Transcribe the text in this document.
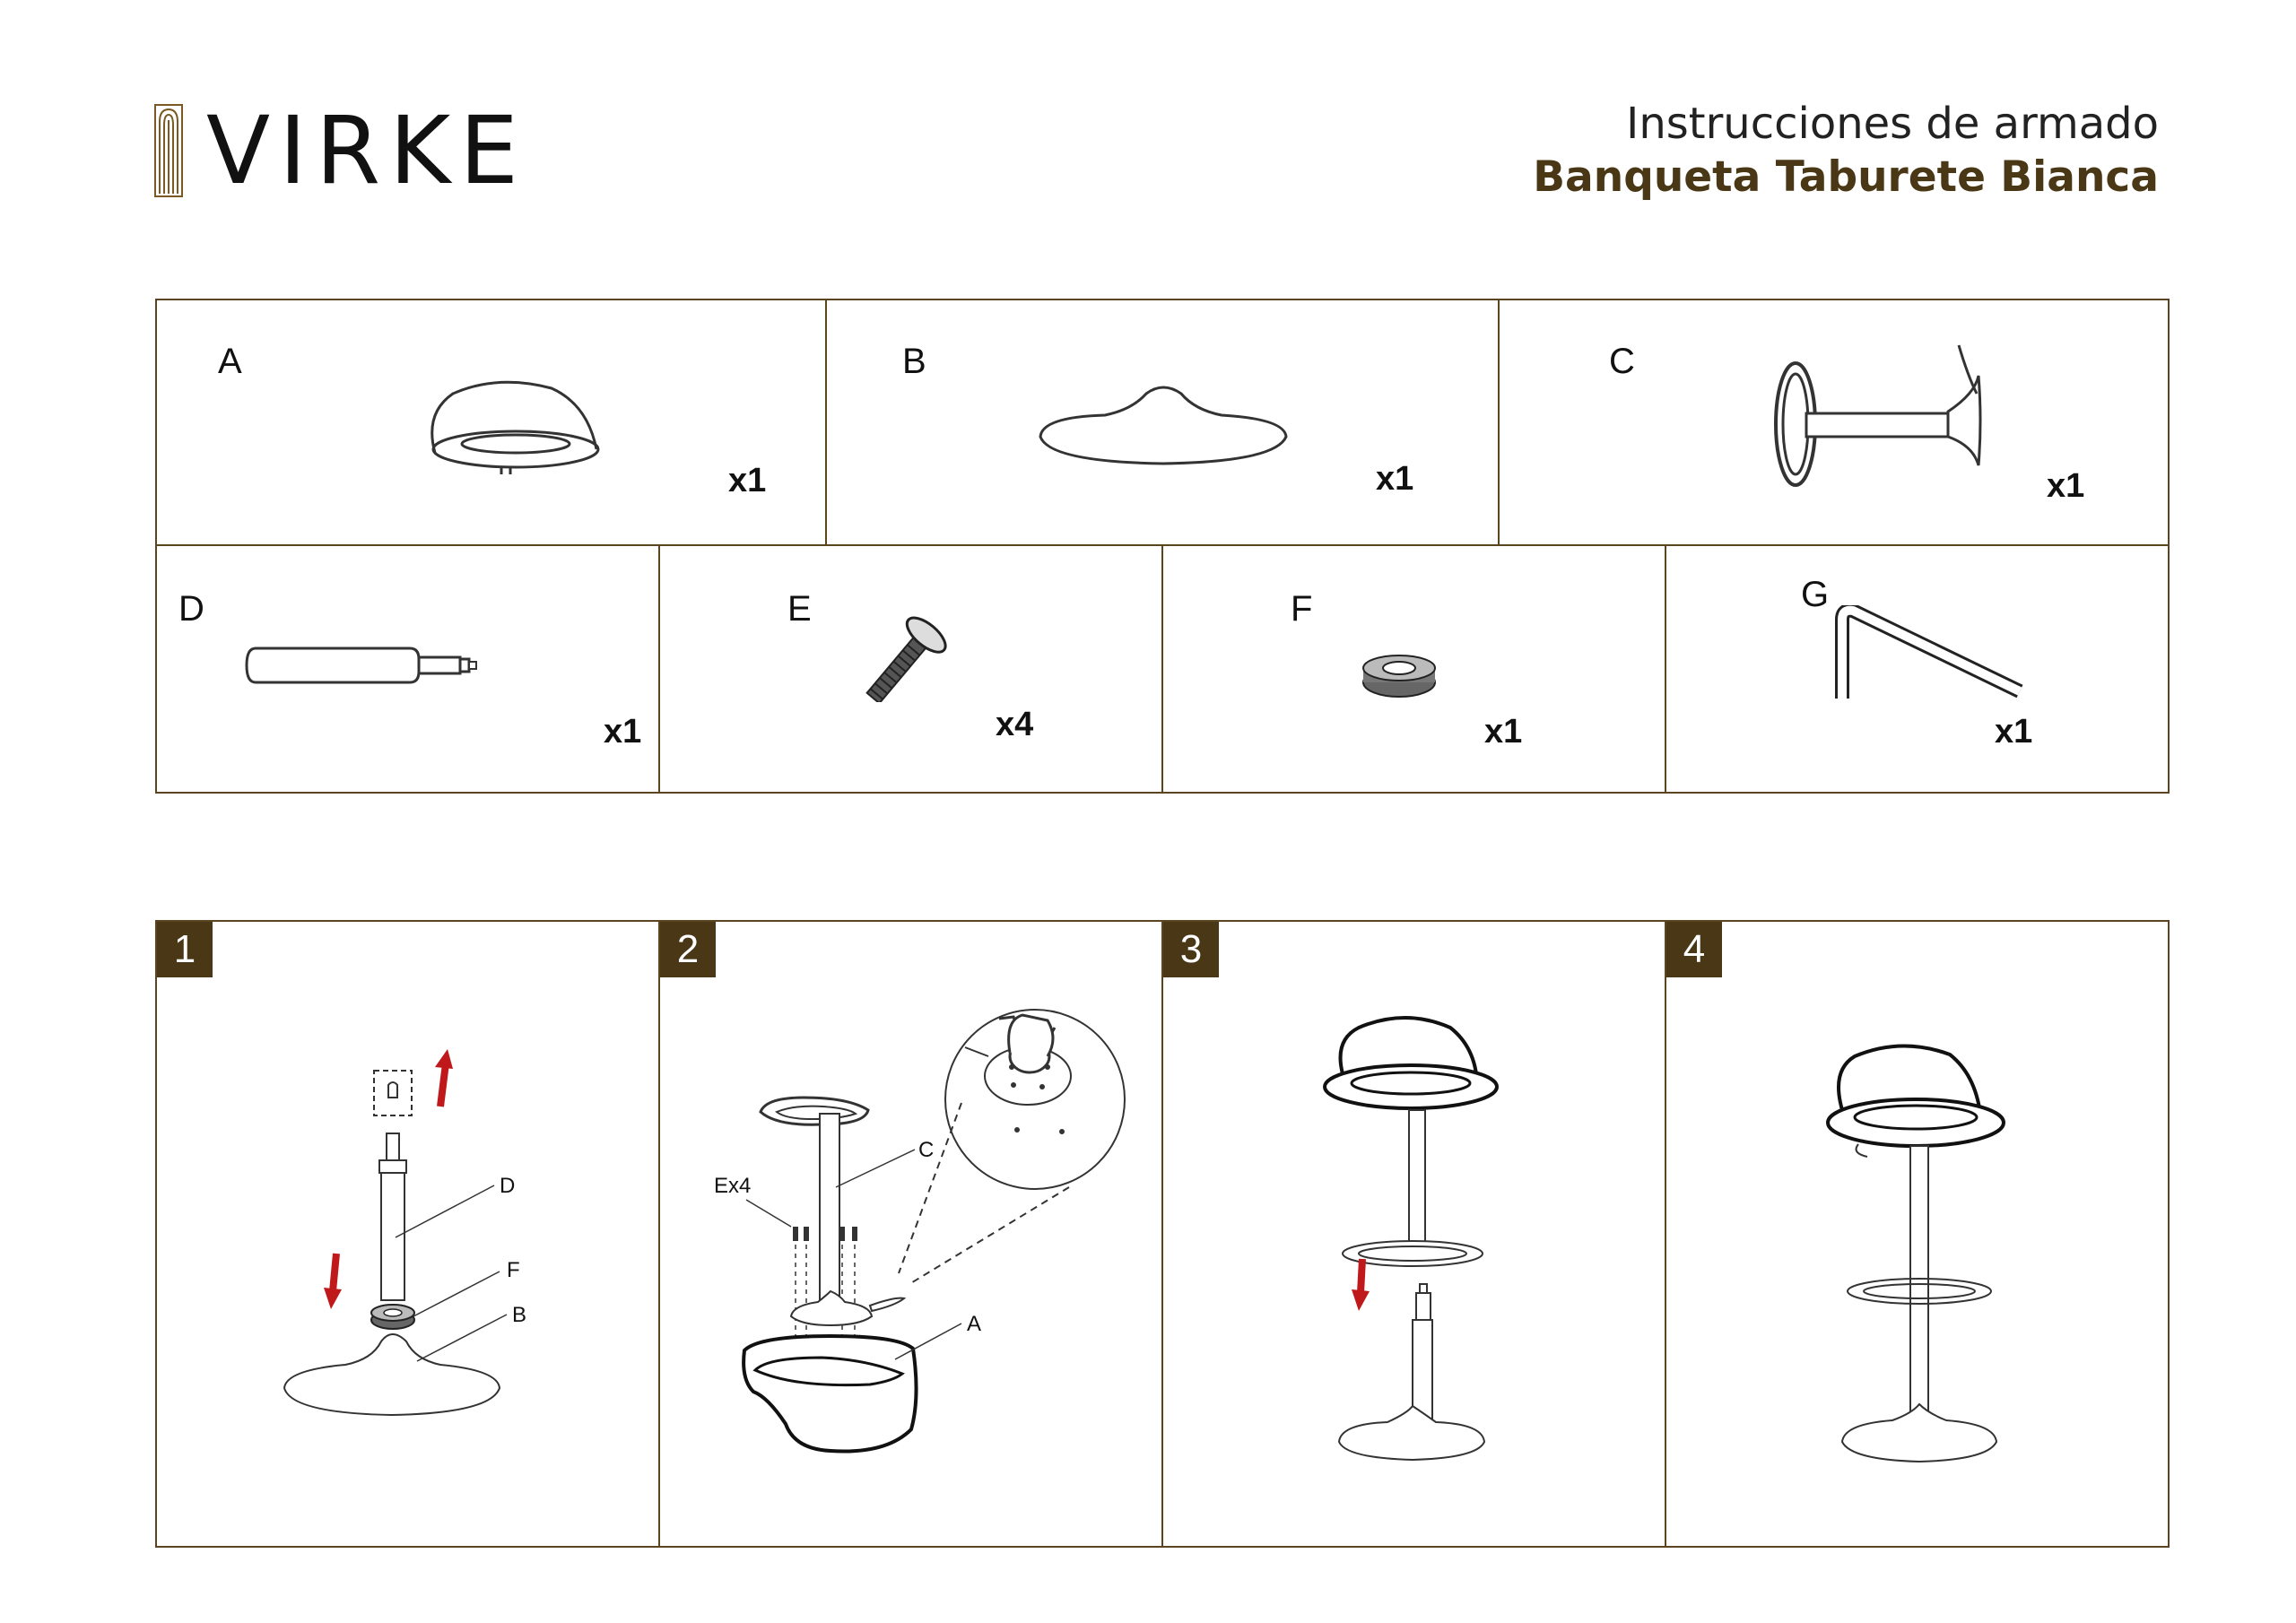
VIRKE	Instrucciones de armado
Banqueta Taburete Bianca
A
x1
B
x1
C
x1
D
x1
E
x4
F
x1
G
x1
1
D
F
B
2
C
Ex4
A
3	4
